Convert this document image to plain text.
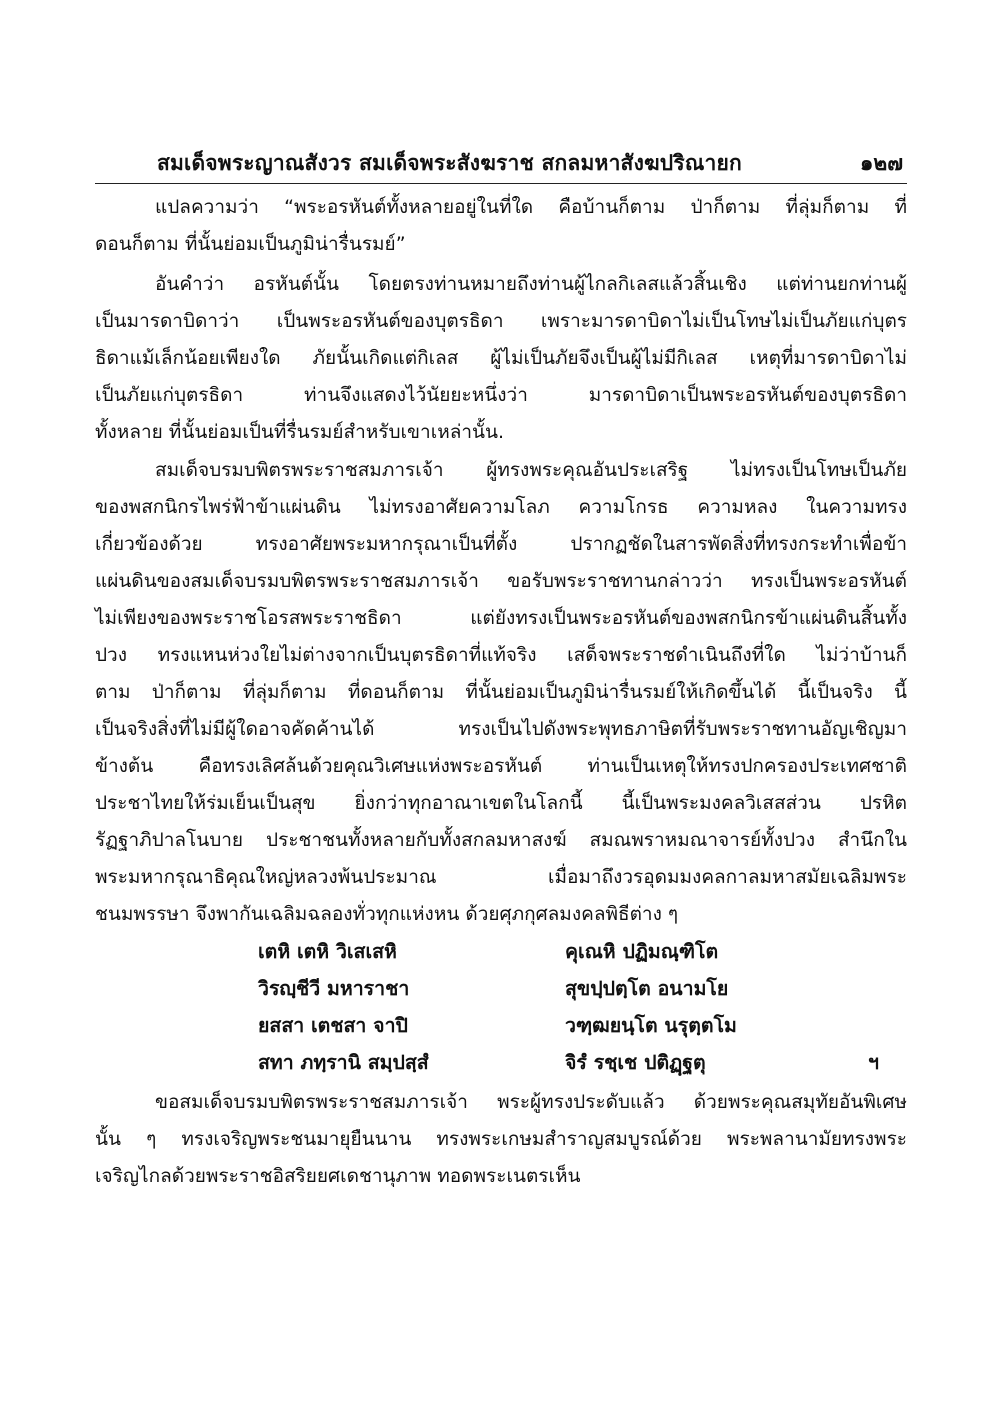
สมเด็จพระญาณสังวร สมเด็จพระสังฆราช สกลมหาสังฆปริณายก	๑๒๗
แปลความว่า “พระอรหันต์ทั้งหลายอยู่ในที่ใด คือบ้านก็ตาม ป่าก็ตาม ที่ลุ่มก็ตาม ที่
ดอนก็ตาม ที่นั้นย่อมเป็นภูมิน่ารื่นรมย์”
อันคำว่า อรหันต์นั้น โดยตรงท่านหมายถึงท่านผู้ไกลกิเลสแล้วสิ้นเชิง แต่ท่านยกท่านผู้
เป็นมารดาบิดาว่า เป็นพระอรหันต์ของบุตรธิดา เพราะมารดาบิดาไม่เป็นโทษไม่เป็นภัยแก่บุตร
ธิดาแม้เล็กน้อยเพียงใด ภัยนั้นเกิดแต่กิเลส ผู้ไม่เป็นภัยจึงเป็นผู้ไม่มีกิเลส เหตุที่มารดาบิดาไม่
เป็นภัยแก่บุตรธิดา ท่านจึงแสดงไว้นัยยะหนึ่งว่า มารดาบิดาเป็นพระอรหันต์ของบุตรธิดา
ทั้งหลาย ที่นั้นย่อมเป็นที่รื่นรมย์สำหรับเขาเหล่านั้น.
สมเด็จบรมบพิตรพระราชสมภารเจ้า ผู้ทรงพระคุณอันประเสริฐ ไม่ทรงเป็นโทษเป็นภัย
ของพสกนิกรไพร่ฟ้าข้าแผ่นดิน ไม่ทรงอาศัยความโลภ ความโกรธ ความหลง ในความทรง
เกี่ยวข้องด้วย ทรงอาศัยพระมหากรุณาเป็นที่ตั้ง ปรากฏชัดในสารพัดสิ่งที่ทรงกระทำเพื่อข้า
แผ่นดินของสมเด็จบรมบพิตรพระราชสมภารเจ้า ขอรับพระราชทานกล่าวว่า ทรงเป็นพระอรหันต์
ไม่เพียงของพระราชโอรสพระราชธิดา แต่ยังทรงเป็นพระอรหันต์ของพสกนิกรข้าแผ่นดินสิ้นทั้ง
ปวง ทรงแหนห่วงใยไม่ต่างจากเป็นบุตรธิดาที่แท้จริง เสด็จพระราชดำเนินถึงที่ใด ไม่ว่าบ้านก็
ตาม ป่าก็ตาม ที่ลุ่มก็ตาม ที่ดอนก็ตาม ที่นั้นย่อมเป็นภูมิน่ารื่นรมย์ให้เกิดขึ้นได้ นี้เป็นจริง นี้
เป็นจริงสิ่งที่ไม่มีผู้ใดอาจคัดค้านได้ ทรงเป็นไปดังพระพุทธภาษิตที่รับพระราชทานอัญเชิญมา
ข้างต้น คือทรงเลิศล้นด้วยคุณวิเศษแห่งพระอรหันต์ ท่านเป็นเหตุให้ทรงปกครองประเทศชาติ
ประชาไทยให้ร่มเย็นเป็นสุข ยิ่งกว่าทุกอาณาเขตในโลกนี้ นี้เป็นพระมงคลวิเสสส่วน ปรหิต
รัฏฐาภิปาลโนบาย ประชาชนทั้งหลายกับทั้งสกลมหาสงฆ์ สมณพราหมณาจารย์ทั้งปวง สำนึกใน
พระมหากรุณาธิคุณใหญ่หลวงพ้นประมาณ เมื่อมาถึงวรอุดมมงคลกาลมหาสมัยเฉลิมพระ
ชนมพรรษา จึงพากันเฉลิมฉลองทั่วทุกแห่งหน ด้วยศุภกุศลมงคลพิธีต่าง ๆ
เตหิ เตหิ วิเสเสหิ	คุเณหิ ปฏิมณฺฑิโต
วิรญฺชีวี มหาราชา	สุขปฺปตฺโต อนามโย
ยสสา เตชสา จาปิ	วฑฺฒยนฺโต นรุตฺตโม
สทา ภทฺรานิ สมฺปสฺสํ	จิรํ รชฺเช ปติฏฺฐตุ	ฯ
ขอสมเด็จบรมบพิตรพระราชสมภารเจ้า พระผู้ทรงประดับแล้ว ด้วยพระคุณสมุทัยอันพิเศษ
นั้น ๆ ทรงเจริญพระชนมายุยืนนาน ทรงพระเกษมสำราญสมบูรณ์ด้วย พระพลานามัยทรงพระ
เจริญไกลด้วยพระราชอิสริยยศเดชานุภาพ ทอดพระเนตรเห็น
